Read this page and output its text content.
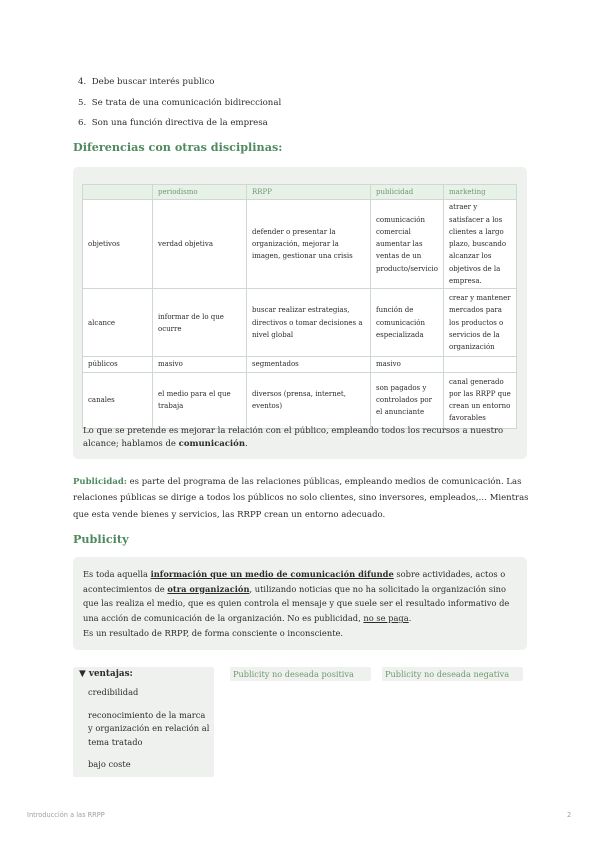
4. Debe buscar interés publico
5. Se trata de una comunicación bidireccional
6. Son una función directiva de la empresa
Diferencias con otras disciplinas:
	periodismo	RRPP	publicidad	marketing
objetivos	verdad objetiva	defender o presentar la organización, mejorar la imagen, gestionar una crisis	comunicación comercial aumentar las ventas de un producto/servicio	atraer y satisfacer a los clientes a largo plazo, buscando alcanzar los objetivos de la empresa.
alcance	informar de lo que ocurre	buscar realizar estrategias, directivos o tomar decisiones a nivel global	función de comunicación especializada	crear y mantener mercados para los productos o servicios de la organización
públicos	masivo	segmentados	masivo	
canales	el medio para el que trabaja	diversos (prensa, internet, eventos)	son pagados y controlados por el anunciante	canal generado por las RRPP que crean un entorno favorables

Lo que se pretende es mejorar la relación con el público, empleando todos los recursos a nuestro alcance; hablamos de comunicación.

Publicidad: es parte del programa de las relaciones públicas, empleando medios de comunicación. Las relaciones públicas se dirige a todos los públicos no solo clientes, sino inversores, empleados,… Mientras que esta vende bienes y servicios, las RRPP crean un entorno adecuado.

Publicity

Es toda aquella información que un medio de comunicación difunde sobre actividades, actos o acontecimientos de otra organización, utilizando noticias que no ha solicitado la organización sino que las realiza el medio, que es quien controla el mensaje y que suele ser el resultado informativo de una acción de comunicación de la organización. No es publicidad, no se paga.

Es un resultado de RRPP, de forma consciente o inconsciente.

▼ ventajas:
credibilidad
reconocimiento de la marca y organización en relación al tema tratado
bajo coste
Publicity no deseada positiva	Publicity no deseada negativa
Introducción a las RRPP	2
